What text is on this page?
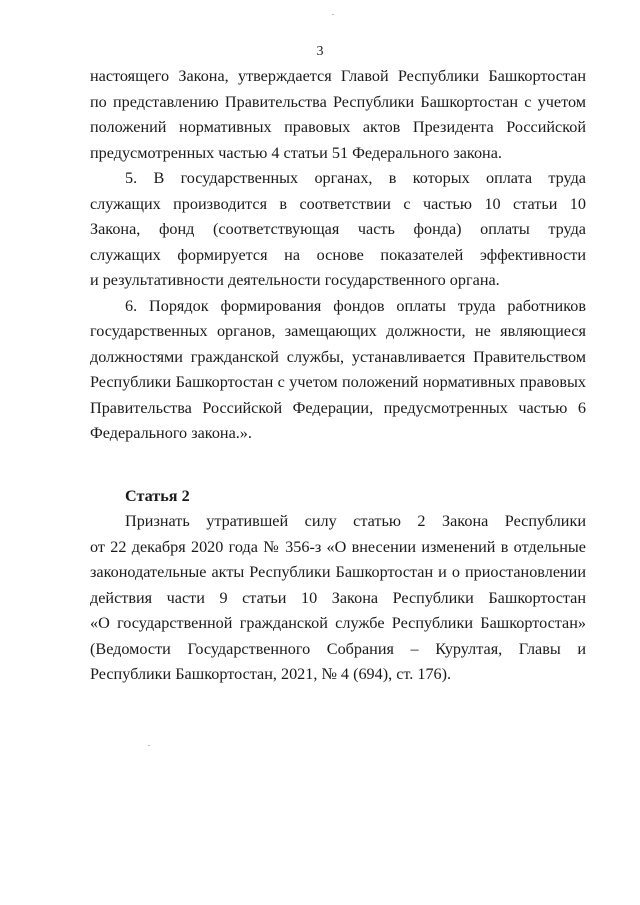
3
настоящего Закона, утверждается Главой Республики Башкортостан
по представлению Правительства Республики Башкортостан с учетом
положений нормативных правовых актов Президента Российской
предусмотренных частью 4 статьи 51 Федерального закона.
5. В государственных органах, в которых оплата труда
служащих производится в соответствии с частью 10 статьи 10
Закона, фонд (соответствующая часть фонда) оплаты труда
служащих формируется на основе показателей эффективности
и результативности деятельности государственного органа.
6. Порядок формирования фондов оплаты труда работников
государственных органов, замещающих должности, не являющиеся
должностями гражданской службы, устанавливается Правительством
Республики Башкортостан с учетом положений нормативных правовых
Правительства Российской Федерации, предусмотренных частью 6
Федерального закона.».
Статья 2
Признать утратившей силу статью 2 Закона Республики
от 22 декабря 2020 года № 356-з «О внесении изменений в отдельные
законодательные акты Республики Башкортостан и о приостановлении
действия части 9 статьи 10 Закона Республики Башкортостан
«О государственной гражданской службе Республики Башкортостан»
(Ведомости Государственного Собрания – Курултая, Главы и
Республики Башкортостан, 2021, № 4 (694), ст. 176).
